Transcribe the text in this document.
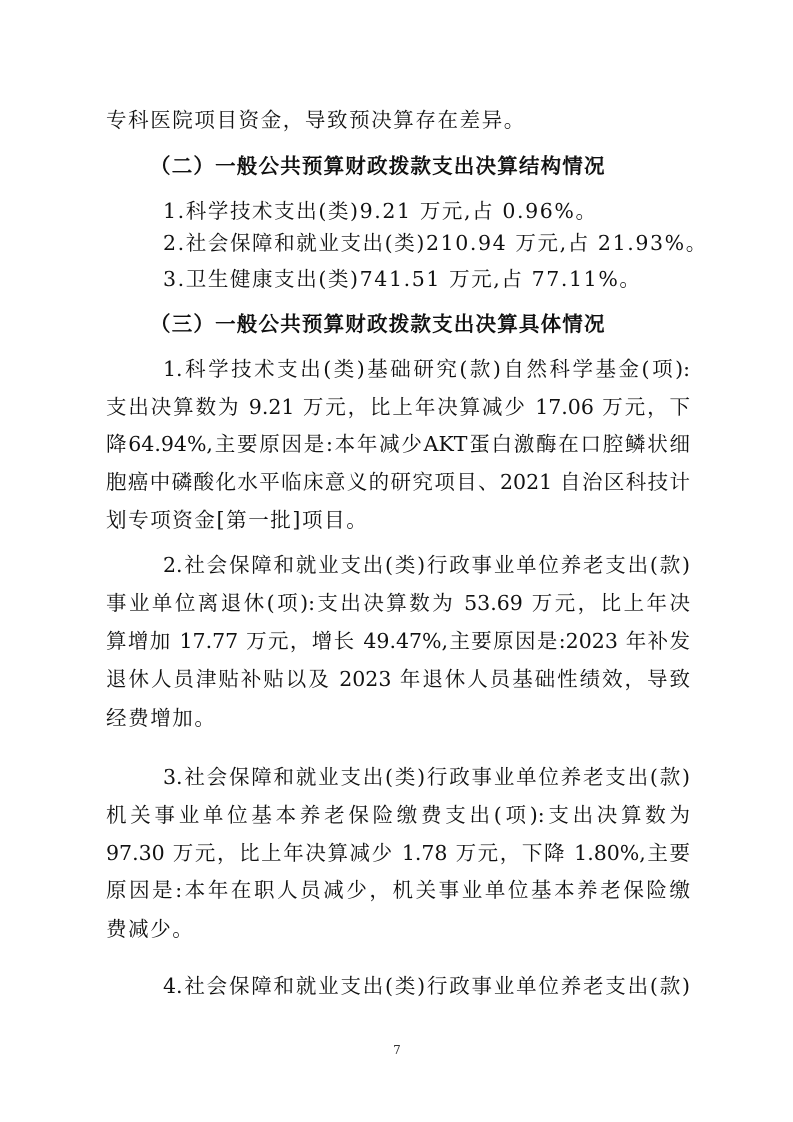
专科医院项目资金，导致预决算存在差异。
（二）一般公共预算财政拨款支出决算结构情况
1.科学技术支出(类)9.21 万元,占 0.96%。
2.社会保障和就业支出(类)210.94 万元,占 21.93%。
3.卫生健康支出(类)741.51 万元,占 77.11%。
（三）一般公共预算财政拨款支出决算具体情况
1.科学技术支出(类)基础研究(款)自然科学基金(项):
支出决算数为 9.21 万元，比上年决算减少 17.06 万元，下
降64.94%,主要原因是:本年减少AKT蛋白激酶在口腔鳞状细
胞癌中磷酸化水平临床意义的研究项目、2021 自治区科技计
划专项资金[第一批]项目。
2.社会保障和就业支出(类)行政事业单位养老支出(款)
事业单位离退休(项):支出决算数为 53.69 万元，比上年决
算增加 17.77 万元，增长 49.47%,主要原因是:2023 年补发
退休人员津贴补贴以及 2023 年退休人员基础性绩效，导致
经费增加。
3.社会保障和就业支出(类)行政事业单位养老支出(款)
机关事业单位基本养老保险缴费支出(项):支出决算数为
97.30 万元，比上年决算减少 1.78 万元，下降 1.80%,主要
原因是:本年在职人员减少，机关事业单位基本养老保险缴
费减少。
4.社会保障和就业支出(类)行政事业单位养老支出(款)
7
